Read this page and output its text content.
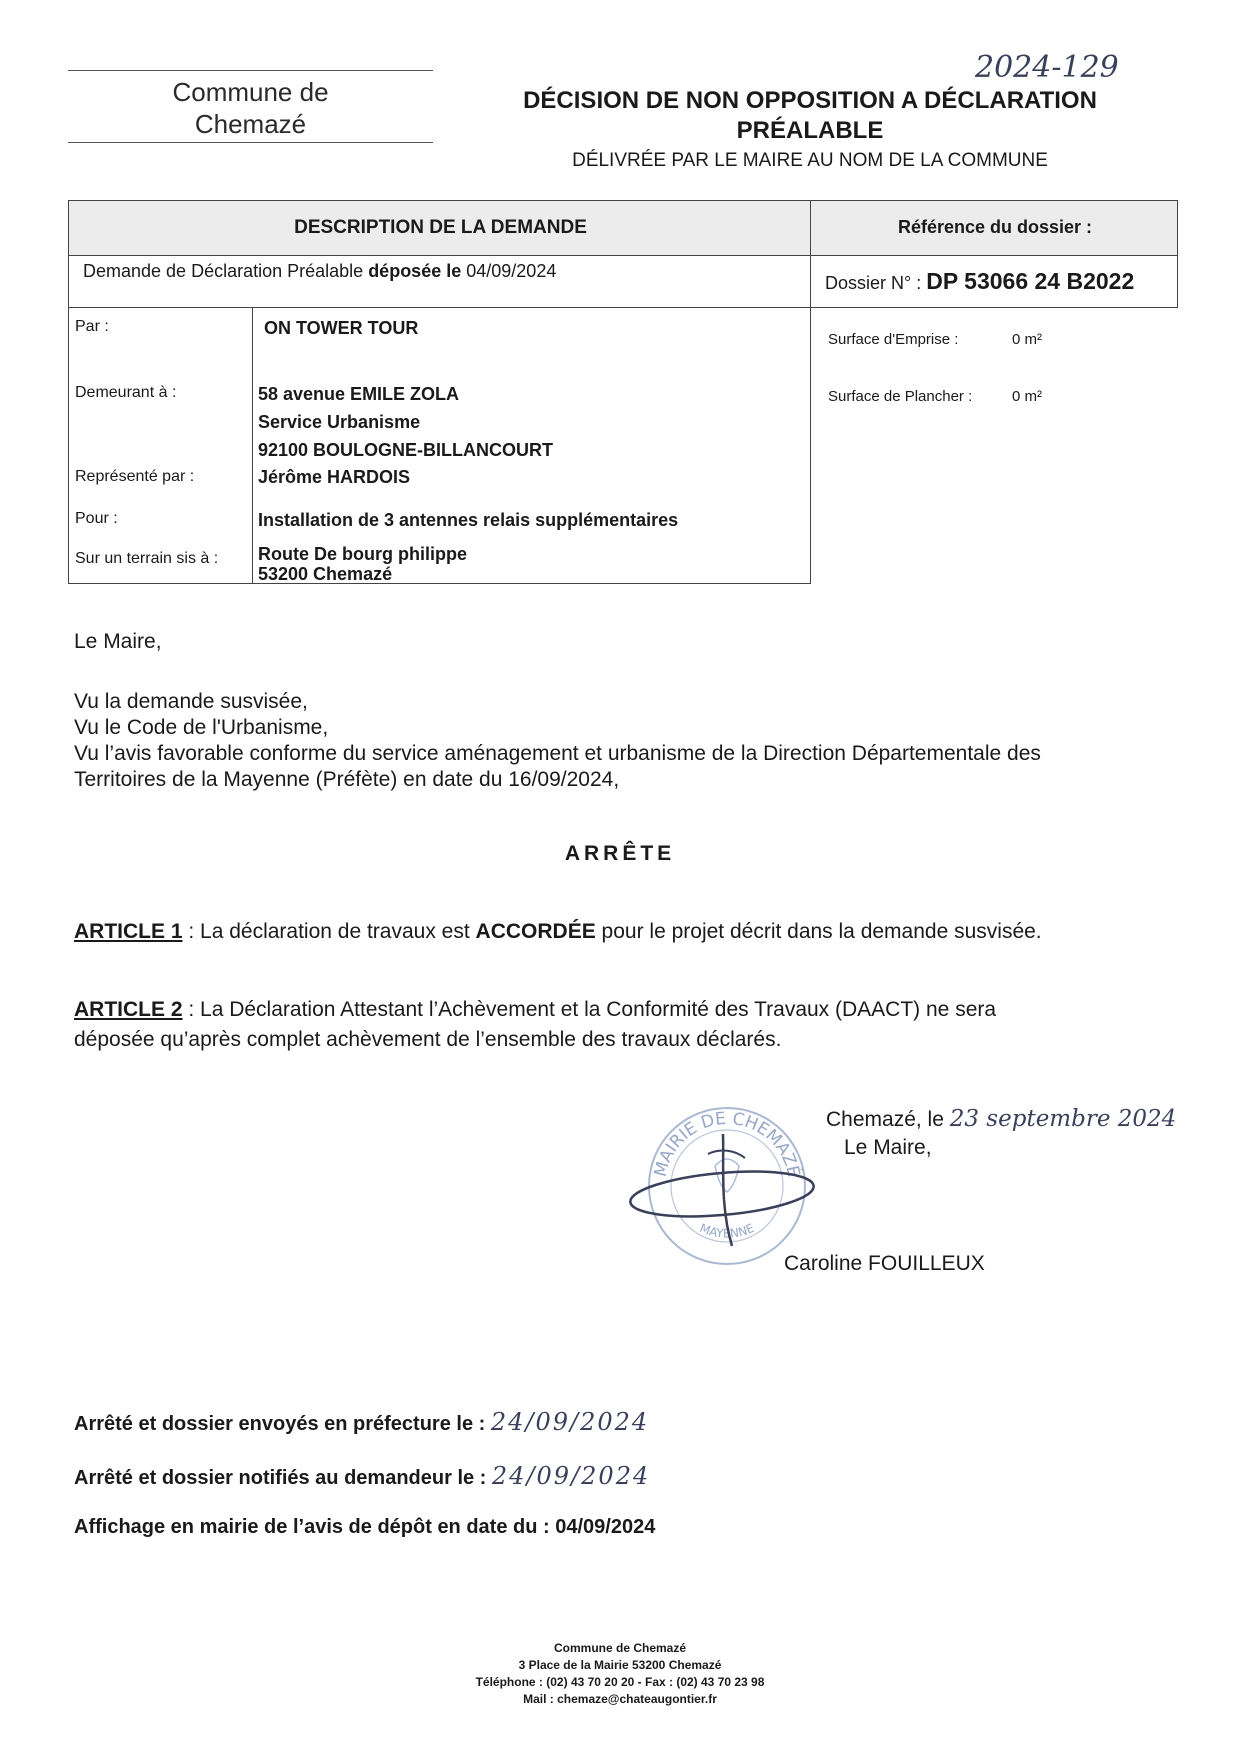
Commune de
Chemazé
2024-129
DÉCISION DE NON OPPOSITION A DÉCLARATION
PRÉALABLE
DÉLIVRÉE PAR LE MAIRE AU NOM DE LA COMMUNE
DESCRIPTION DE LA DEMANDE	Référence du dossier :
Demande de Déclaration Préalable déposée le 04/09/2024
Dossier N° : DP 53066 24 B2022
Par :	ON TOWER TOUR
Demeurant à :	58 avenue EMILE ZOLA
Service Urbanisme
92100 BOULOGNE-BILLANCOURT
Représenté par :	Jérôme HARDOIS
Pour :	Installation de 3 antennes relais supplémentaires
Sur un terrain sis à : Route De bourg philippe
53200 Chemazé
Surface d'Emprise :	0 m²
Surface de Plancher :	0 m²
Le Maire,
Vu la demande susvisée,
Vu le Code de l'Urbanisme,
Vu l’avis favorable conforme du service aménagement et urbanisme de la Direction Départementale des
Territoires de la Mayenne (Préfète) en date du 16/09/2024,
ARRÊTE
ARTICLE 1 : La déclaration de travaux est ACCORDÉE pour le projet décrit dans la demande susvisée.
ARTICLE 2 : La Déclaration Attestant l’Achèvement et la Conformité des Travaux (DAACT) ne sera
déposée qu’après complet achèvement de l’ensemble des travaux déclarés.
Chemazé, le 23 septembre 2024
Le Maire,
MAIRIE DE CHEMAZÉ
MAYENNE
Caroline FOUILLEUX
Arrêté et dossier envoyés en préfecture le : 24/09/2024
Arrêté et dossier notifiés au demandeur le : 24/09/2024
Affichage en mairie de l’avis de dépôt en date du : 04/09/2024
Commune de Chemazé
3 Place de la Mairie 53200 Chemazé
Téléphone : (02) 43 70 20 20 - Fax : (02) 43 70 23 98
Mail : chemaze@chateaugontier.fr
